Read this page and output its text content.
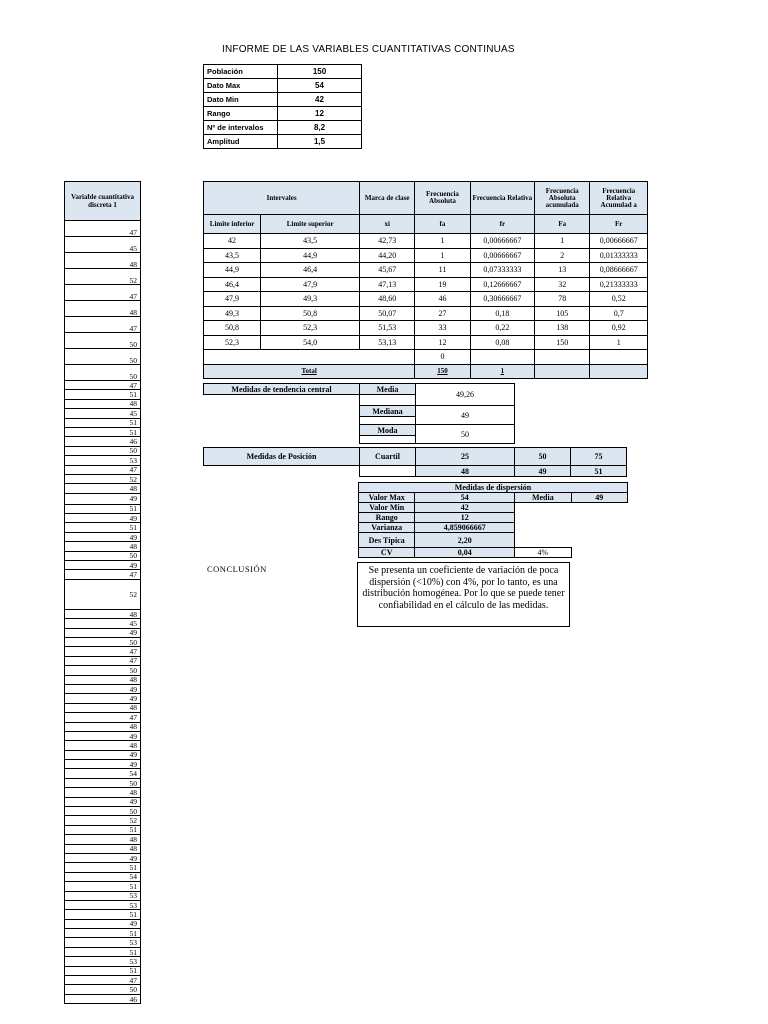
INFORME DE LAS VARIABLES CUANTITATIVAS CONTINUAS
Población	150
Dato Max	54
Dato Min	42
Rango	12
Nº de intervalos	8,2
Amplitud	1,5
Variable cuantitativa discreta 1
47
45
48
52
47
48
47
50
50
50
47
51
48
45
51
51
46
50
53
47
52
48
49
51
49
51
49
48
50
49
47
52
48
45
49
50
47
47
50
48
49
49
48
47
48
49
48
49
49
54
50
48
49
50
52
51
48
48
49
51
54
51
53
53
51
49
51
53
51
53
51
47
50
46
Intervales		Marca de clase	Frecuencia Absoluta	Frecuencia Relativa	Frecuencia Absoluta acumulada	Frecuencia Relativa Acumulad a
Limite inferior	Limite superior	xi	fa	fr	Fa	Fr
42	43,5	42,73	1	0,00666667	1	0,00666667
43,5	44,9	44,20	1	0,00666667	2	0,01333333
44,9	46,4	45,67	11	0,07333333	13	0,08666667
46,4	47,9	47,13	19	0,12666667	32	0,21333333
47,9	49,3	48,60	46	0,30666667	78	0,52
49,3	50,8	50,07	27	0,18	105	0,7
50,8	52,3	51,53	33	0,22	138	0,92
52,3	54,0	53,13	12	0,08	150	1
			0			
Total			150	1		
Medidas de tendencia central	Media	49,26

	Mediana	49

	Moda	50

Medidas de Posición	Cuartil	25	50	75
		48	49	51
Medidas de dispersión			
Valor Max	54	Media	49
Valor Min	42		
Rango	12		
Varianza	4,859066667		
Des Típica	2,20		
CV	0,04	4%	
CONCLUSIÓN	Se presenta un coeficiente de variación de poca dispersión (<10%) con 4%, por lo tanto, es una distribución homogénea. Por lo que se puede tener confiabilidad en el cálculo de las medidas.
